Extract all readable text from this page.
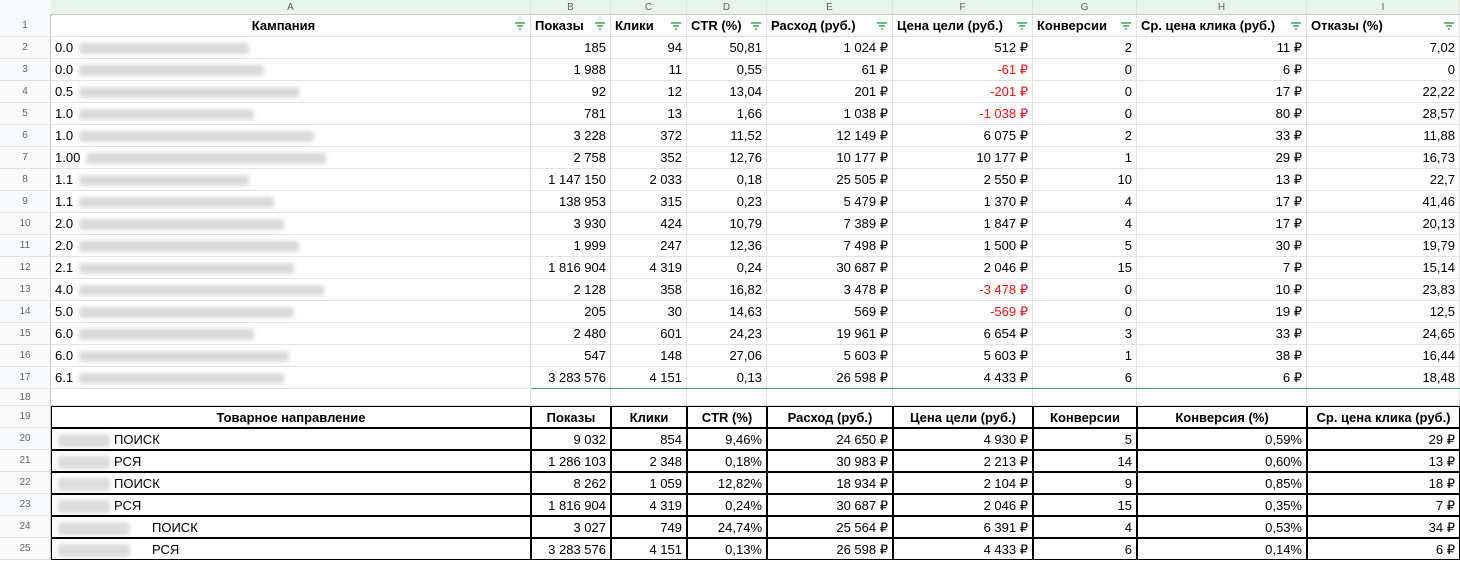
A	B	C	D	E	F	G	H	I
1
2
3
4
5
6
7
8
9
10
11
12
13
14
15
16
17
18
19
20
21
22
23
24
25
Кампания	Показы	Клики	CTR (%)	Расход (руб.)	Цена цели (руб.)	Конверсии	Ср. цена клика (руб.)	Отказы (%)
0.0	185	94	50,81	1 024 ₽	512 ₽	2	11 ₽	7,02
0.0	1 988	11	0,55	61 ₽	-61 ₽	0	6 ₽	0
0.5	92	12	13,04	201 ₽	-201 ₽	0	17 ₽	22,22
1.0	781	13	1,66	1 038 ₽	-1 038 ₽	0	80 ₽	28,57
1.0	3 228	372	11,52	12 149 ₽	6 075 ₽	2	33 ₽	11,88
1.00	2 758	352	12,76	10 177 ₽	10 177 ₽	1	29 ₽	16,73
1.1	1 147 150	2 033	0,18	25 505 ₽	2 550 ₽	10	13 ₽	22,7
1.1	138 953	315	0,23	5 479 ₽	1 370 ₽	4	17 ₽	41,46
2.0	3 930	424	10,79	7 389 ₽	1 847 ₽	4	17 ₽	20,13
2.0	1 999	247	12,36	7 498 ₽	1 500 ₽	5	30 ₽	19,79
2.1	1 816 904	4 319	0,24	30 687 ₽	2 046 ₽	15	7 ₽	15,14
4.0	2 128	358	16,82	3 478 ₽	-3 478 ₽	0	10 ₽	23,83
5.0	205	30	14,63	569 ₽	-569 ₽	0	19 ₽	12,5
6.0	2 480	601	24,23	19 961 ₽	6 654 ₽	3	33 ₽	24,65
6.0	547	148	27,06	5 603 ₽	5 603 ₽	1	38 ₽	16,44
6.1	3 283 576	4 151	0,13	26 598 ₽	4 433 ₽	6	6 ₽	18,48
Товарное направление	Показы	Клики	CTR (%)	Расход (руб.)	Цена цели (руб.)	Конверсии	Конверсия (%)	Ср. цена клика (руб.)
ПОИСК	9 032	854	9,46%	24 650 ₽	4 930 ₽	5	0,59%	29 ₽
РСЯ	1 286 103	2 348	0,18%	30 983 ₽	2 213 ₽	14	0,60%	13 ₽
ПОИСК	8 262	1 059	12,82%	18 934 ₽	2 104 ₽	9	0,85%	18 ₽
РСЯ	1 816 904	4 319	0,24%	30 687 ₽	2 046 ₽	15	0,35%	7 ₽
ПОИСК	3 027	749	24,74%	25 564 ₽	6 391 ₽	4	0,53%	34 ₽
РСЯ	3 283 576	4 151	0,13%	26 598 ₽	4 433 ₽	6	0,14%	6 ₽
